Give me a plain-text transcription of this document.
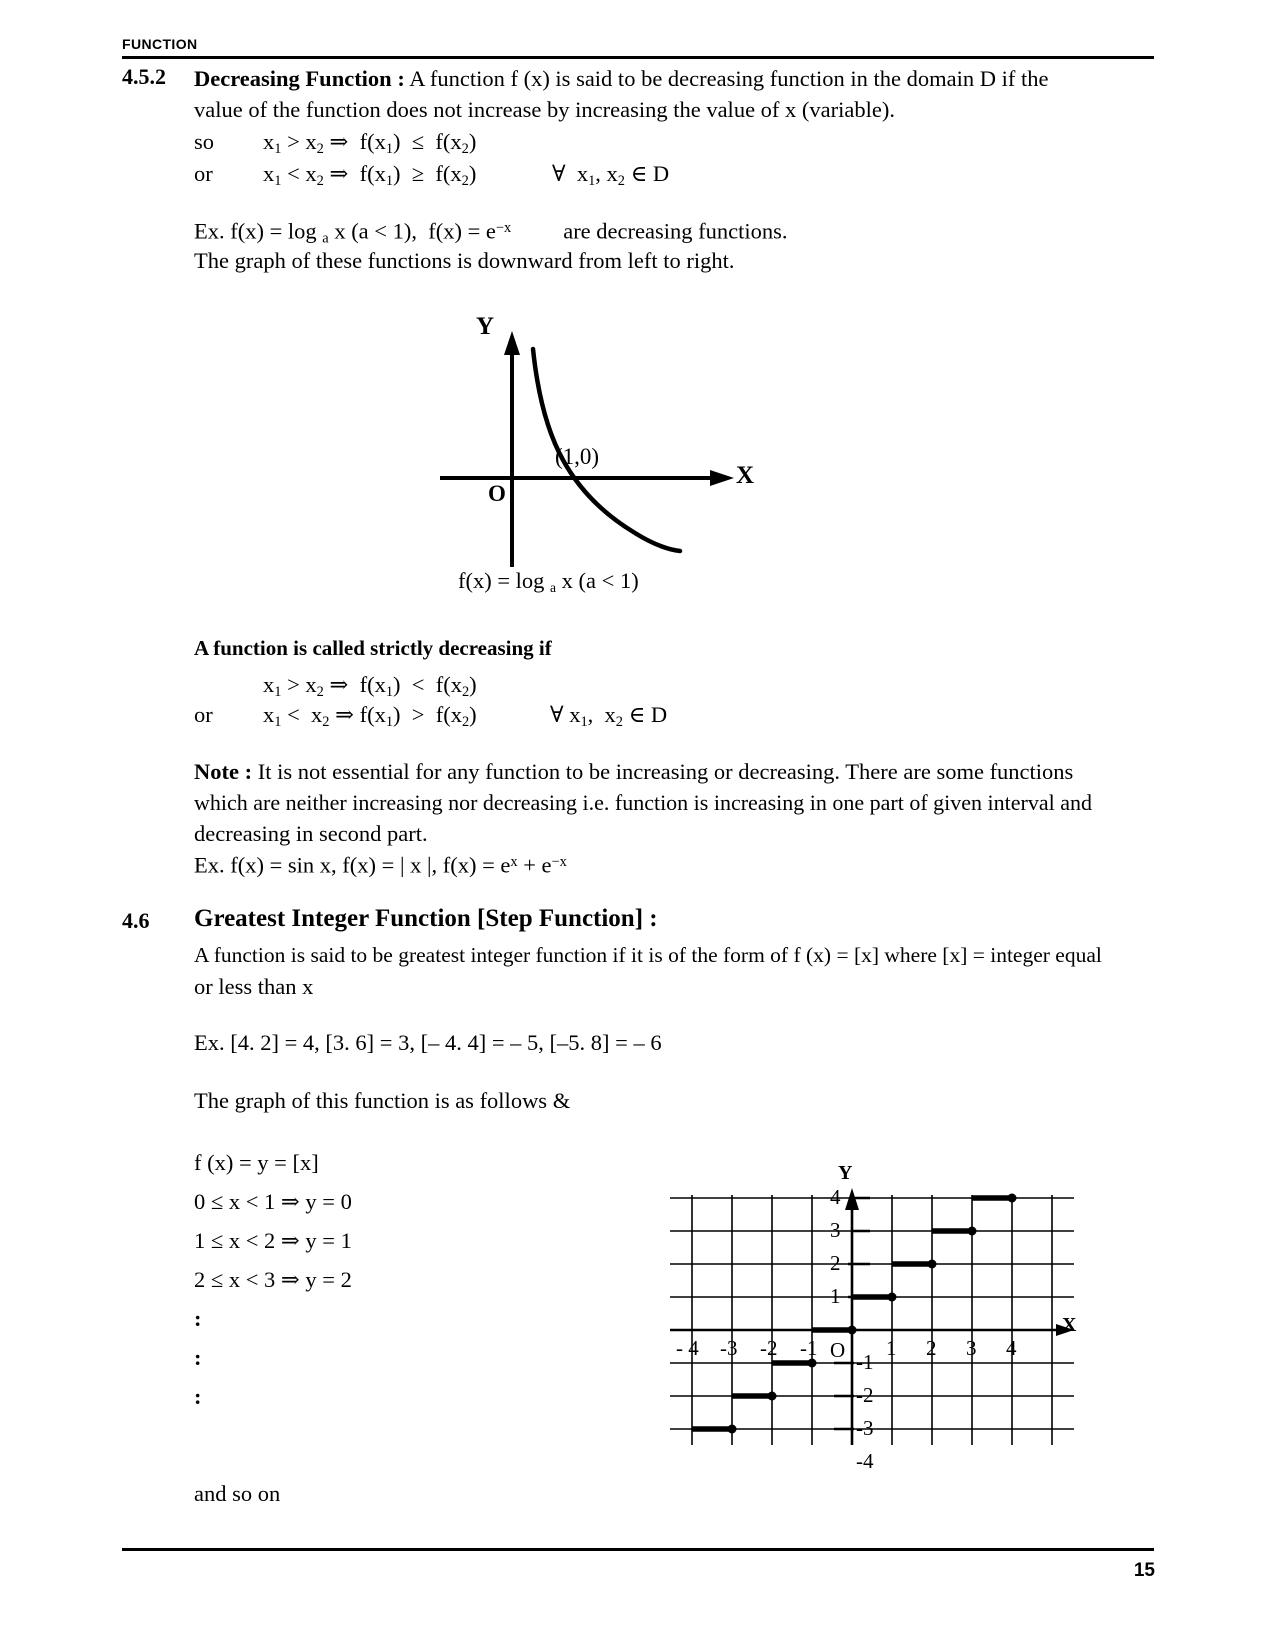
FUNCTION
4.5.2 Decreasing Function : A function f (x) is said to be decreasing function in the domain D if the
value of the function does not increase by increasing the value of x (variable).
so $x_1 > x_2$ ⇒  $f(x_1) \le f(x_2)$
or $x_1 < x_2$ ⇒  $f(x_1) \ge f(x_2)$	∀  $x_1$, $x_2$ ∈ D
Ex. f(x) = log $_a$ x (a < 1),  $f(x) = e^{-x}$ are decreasing functions.
The graph of these functions is downward from left to right.
Y
X
O
(1,0)
f(x) = log $_a$ x (a < 1)
A function is called strictly decreasing if
$x_1 > x_2$ ⇒  $f(x_1) < f(x_2)$
or $x_1 < x_2$ ⇒ $f(x_1) > f(x_2)$	∀ $x_1$,  $x_2$ ∈ D
Note : It is not essential for any function to be increasing or decreasing. There are some functions
which are neither increasing nor decreasing i.e. function is increasing in one part of given interval and
decreasing in second part.
Ex. f(x) = sin x, f(x) = | x |, $f(x) = e^x + e^{-x}$
4.6 Greatest Integer Function [Step Function] :
A function is said to be greatest integer function if it is of the form of f (x) = [x] where [x] = integer equal
or less than x
Ex. [4. 2] = 4, [3. 6] = 3, [– 4. 4] = – 5, [–5. 8] = – 6
The graph of this function is as follows &
f (x) = y = [x]
0 ≤ x < 1 ⇒ y = 0
1 ≤ x < 2 ⇒ y = 1
2 ≤ x < 3 ⇒ y = 2
:
:
:
and so on
Y
X
O
4
3
2
1
-1
-2
-3
- 4 -3 -2 -1	1 2 3 4
-4
15
